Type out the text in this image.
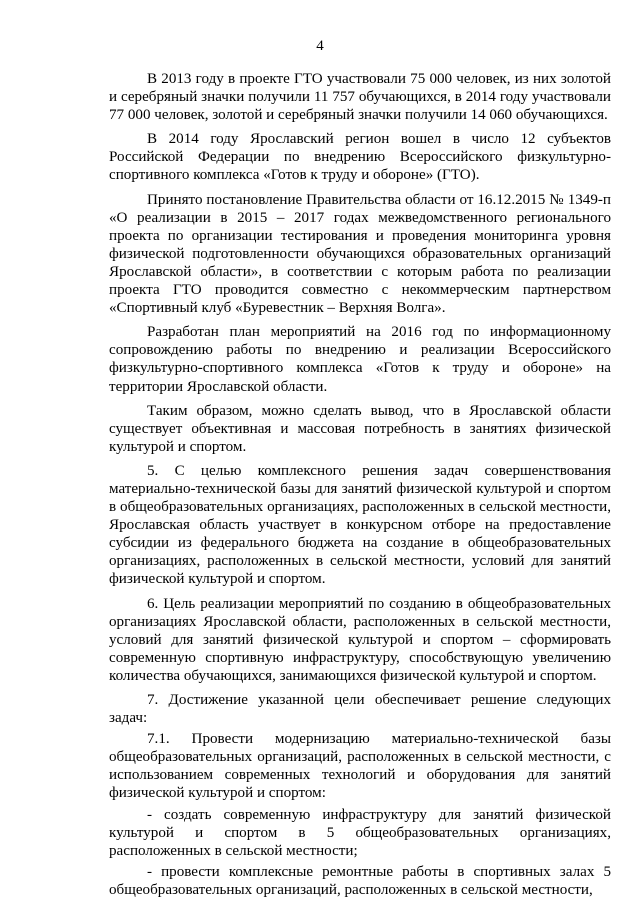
4

В 2013 году в проекте ГТО участвовали 75 000 человек, из них золотой и серебряный значки получили 11 757 обучающихся, в 2014 году участвовали 77 000 человек, золотой и серебряный значки получили 14 060 обучающихся.

В 2014 году Ярославский регион вошел в число 12 субъектов Российской Федерации по внедрению Всероссийского физкультурно-спортивного комплекса «Готов к труду и обороне» (ГТО).

Принято постановление Правительства области от 16.12.2015 № 1349-п «О реализации в 2015 – 2017 годах межведомственного регионального проекта по организации тестирования и проведения мониторинга уровня физической подготовленности обучающихся образовательных организаций Ярославской области», в соответствии с которым работа по реализации проекта ГТО проводится совместно с некоммерческим партнерством «Спортивный клуб «Буревестник – Верхняя Волга».

Разработан план мероприятий на 2016 год по информационному сопровождению работы по внедрению и реализации Всероссийского физкультурно-спортивного комплекса «Готов к труду и обороне» на территории Ярославской области.

Таким образом, можно сделать вывод, что в Ярославской области существует объективная и массовая потребность в занятиях физической культурой и спортом.

5. С целью комплексного решения задач совершенствования материально-технической базы для занятий физической культурой и спортом в общеобразовательных организациях, расположенных в сельской местности, Ярославская область участвует в конкурсном отборе на предоставление субсидии из федерального бюджета на создание в общеобразовательных организациях, расположенных в сельской местности, условий для занятий физической культурой и спортом.

6. Цель реализации мероприятий по созданию в общеобразовательных организациях Ярославской области, расположенных в сельской местности, условий для занятий физической культурой и спортом – сформировать современную спортивную инфраструктуру, способствующую увеличению количества обучающихся, занимающихся физической культурой и спортом.

7. Достижение указанной цели обеспечивает решение следующих задач:

7.1. Провести модернизацию материально-технической базы общеобразовательных организаций, расположенных в сельской местности, с использованием современных технологий и оборудования для занятий физической культурой и спортом:

- создать современную инфраструктуру для занятий физической культурой и спортом в 5 общеобразовательных организациях, расположенных в сельской местности;

- провести комплексные ремонтные работы в спортивных залах 5 общеобразовательных организаций, расположенных в сельской местности,
